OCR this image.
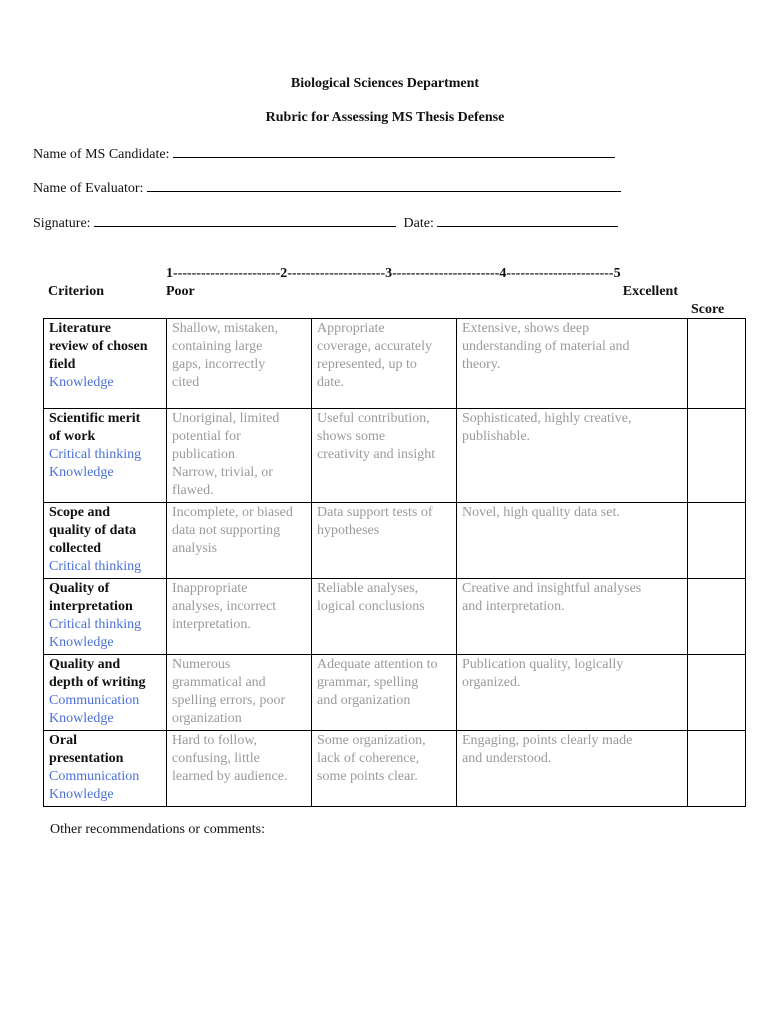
Biological Sciences Department
Rubric for Assessing MS Thesis Defense
Name of MS Candidate:
Name of Evaluator:
Signature:	Date:
1-----------------------2---------------------3-----------------------4-----------------------5
Criterion	Poor	Excellent
Score
Literature
review of chosen
field
Knowledge	Shallow, mistaken,
containing large
gaps, incorrectly
cited	Appropriate
coverage, accurately
represented, up to
date.	Extensive, shows deep
understanding of material and
theory.	

Scientific merit
of work
Critical thinking
Knowledge	Unoriginal, limited
potential for
publication
Narrow, trivial, or
flawed.	Useful contribution,
shows some
creativity and insight	Sophisticated, highly creative,
publishable.	

Scope and
quality of data
collected
Critical thinking	Incomplete, or biased
data not supporting
analysis	Data support tests of
hypotheses	Novel, high quality data set.	

Quality of
interpretation
Critical thinking
Knowledge	Inappropriate
analyses, incorrect
interpretation.	Reliable analyses,
logical conclusions	Creative and insightful analyses
and interpretation.	

Quality and
depth of writing
Communication
Knowledge	Numerous
grammatical and
spelling errors, poor
organization	Adequate attention to
grammar, spelling
and organization	Publication quality, logically
organized.	

Oral
presentation
Communication
Knowledge	Hard to follow,
confusing, little
learned by audience.	Some organization,
lack of coherence,
some points clear.	Engaging, points clearly made
and understood.	

Other recommendations or comments:
